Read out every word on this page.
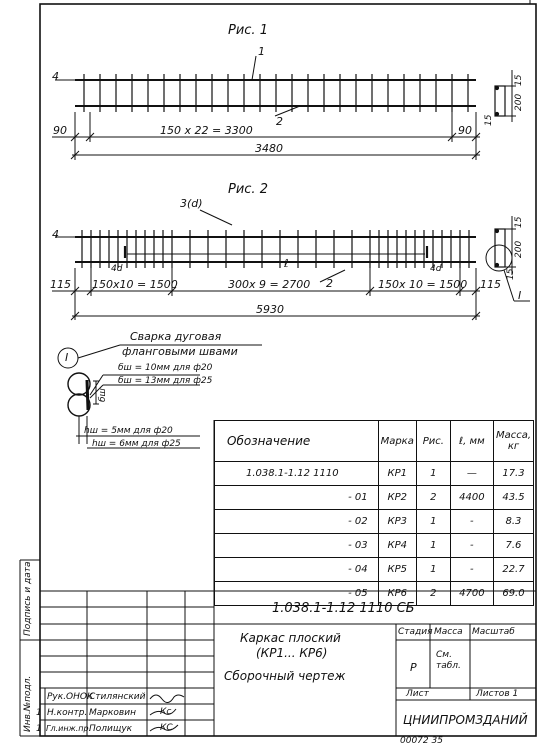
Рис. 1
1
4
2
90	150 x 22 = 3300	90
3480
15
200
15
Рис. 2
3(d)
4
4d	4d
ℓ
2
115 150x10 = 1500	300x 9 = 2700	150x 10 = 1500 115
5930
15
200
15
I
I
Сварка дуговая
фланговыми швами
бш = 10мм для ф20
бш = 13мм для ф25
бш
hш = 5мм для ф20
hш = 6мм для ф25	Обозначение	Марка	Рис.	ℓ, мм	Масса, кг
1.038.1-1.12 1110	КР1	1	—	17.3
- 01	КР2	2	4400	43.5
- 02	КР3	1	-	8.3
- 03	КР4	1	-	7.6
- 04	КР5	1	-	22.7
- 05	КР6	2	4700	69.0
1.038.1-1.12 1110 СБ
Каркас плоский
(КР1... КР6)
Сборочный чертеж
Стадия Масса Масштаб
Р
См. табл.
Лист	Листов 1
ЦНИИПРОМЗДАНИЙ
Рук.ОНОК
Стилянский
1 Н.контр. Марковин	Кс
1 Гл.инж.пр.
Полищук	КС
00072 35
Подпись и дата
Инв.№подл.
